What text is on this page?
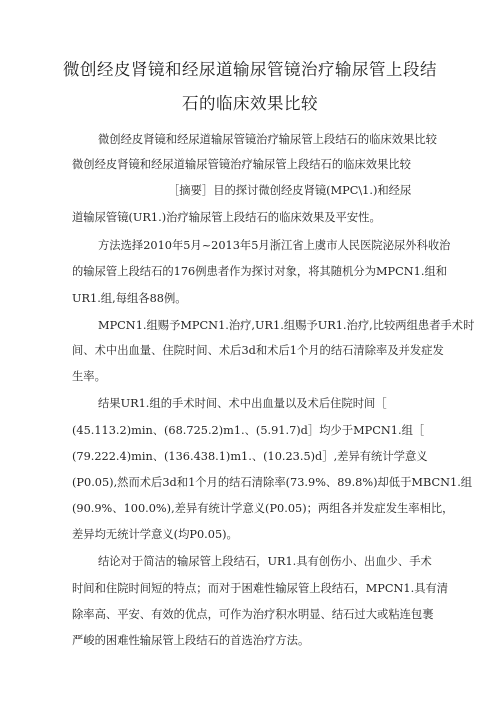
微创经皮肾镜和经尿道输尿管镜治疗输尿管上段结
石的临床效果比较
微创经皮肾镜和经尿道输尿管镜治疗输尿管上段结石的临床效果比较
微创经皮肾镜和经尿道输尿管镜治疗输尿管上段结石的临床效果比较
［摘要］目的探讨微创经皮肾镜(MPC\1.)和经尿
道输尿管镜(UR1.)治疗输尿管上段结石的临床效果及平安性。
方法选择2010年5月~2013年5月浙江省上虞市人民医院泌尿外科收治
的输尿管上段结石的176例患者作为探讨对象，将其随机分为MPCN1.组和
UR1.组,每组各88例。
MPCN1.组赐予MPCN1.治疗,UR1.组赐予UR1.治疗,比较两组患者手术时
间、术中出血量、住院时间、术后3d和术后1个月的结石清除率及并发症发
生率。
结果UR1.组的手术时间、术中出血量以及术后住院时间［
(45.113.2)min、(68.725.2)m1.、(5.91.7)d］均少于MPCN1.组［
(79.222.4)min、(136.438.1)m1.、(10.23.5)d］,差异有统计学意义
(P0.05),然而术后3d和1个月的结石清除率(73.9%、89.8%)却低于MBCN1.组
(90.9%、100.0%),差异有统计学意义(P0.05)；两组各并发症发生率相比，
差异均无统计学意义(均P0.05)。
结论对于简洁的输尿管上段结石，UR1.具有创伤小、出血少、手术
时间和住院时间短的特点；而对于困难性输尿管上段结石，MPCN1.具有清
除率高、平安、有效的优点，可作为治疗积水明显、结石过大或粘连包裹
严峻的困难性输尿管上段结石的首选治疗方法。
